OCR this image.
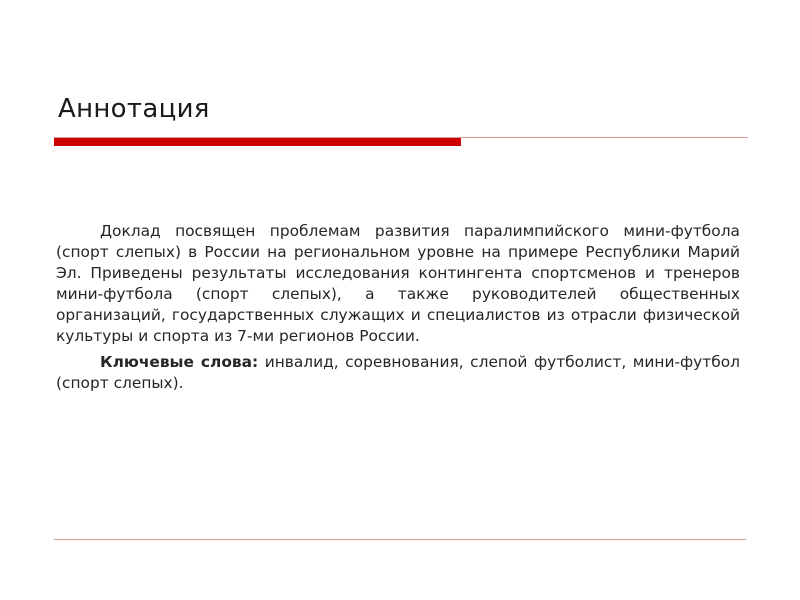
Аннотация

Доклад посвящен проблемам развития паралимпийского мини-футбола (спорт слепых) в России на региональном уровне на примере Республики Марий Эл. Приведены результаты исследования контингента спортсменов и тренеров мини-футбола (спорт слепых), а также руководителей общественных организаций, государственных служащих и специалистов из отрасли физической культуры и спорта из 7-ми регионов России.

Ключевые слова: инвалид, соревнования, слепой футболист, мини-футбол (спорт слепых).
